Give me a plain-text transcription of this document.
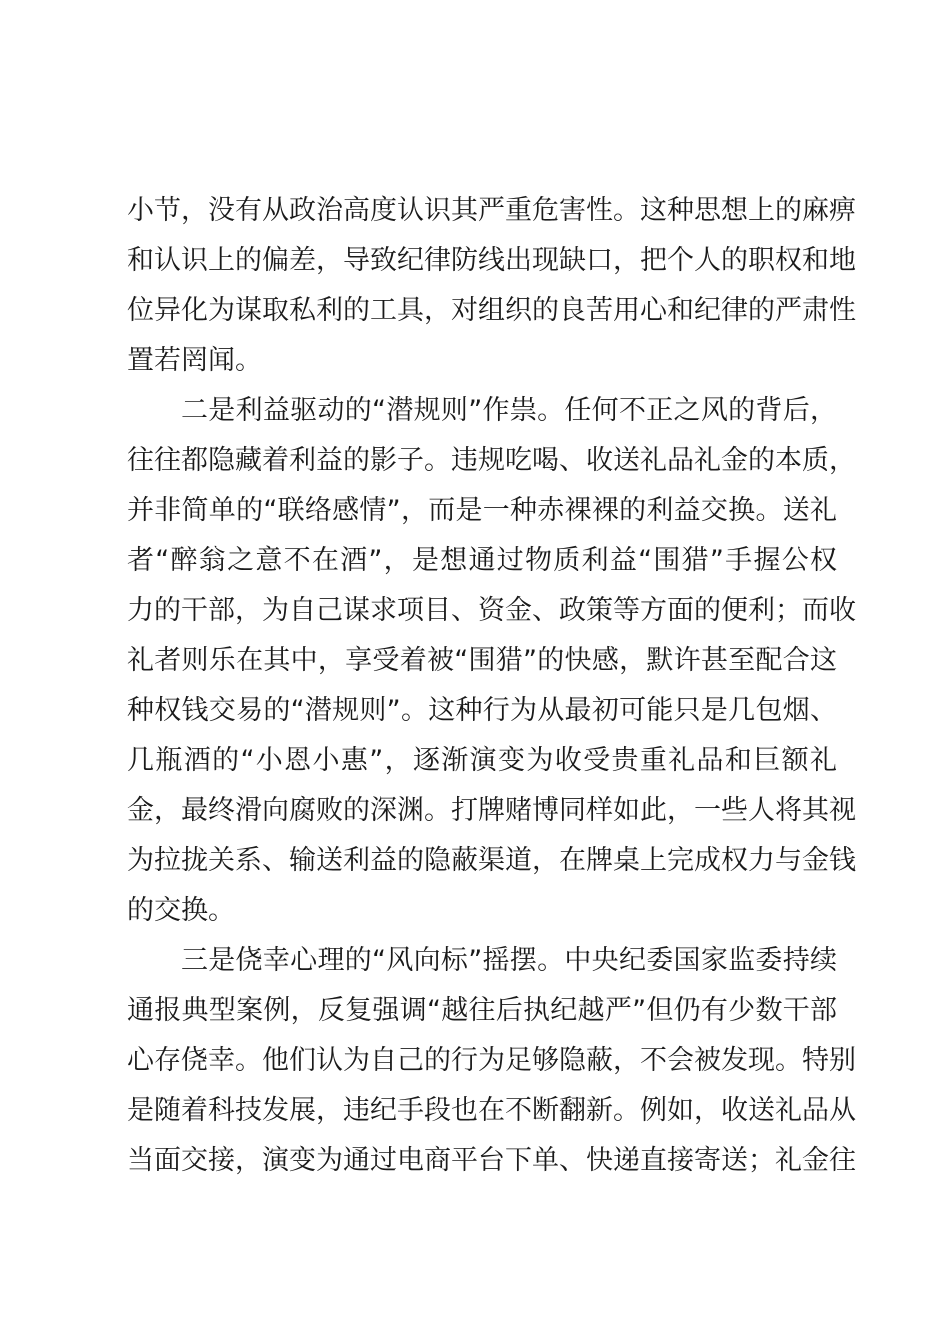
小节，没有从政治高度认识其严重危害性。这种思想上的麻痹
和认识上的偏差，导致纪律防线出现缺口，把个人的职权和地
位异化为谋取私利的工具，对组织的良苦用心和纪律的严肃性
置若罔闻。
二是利益驱动的“潜规则”作祟。任何不正之风的背后，
往往都隐藏着利益的影子。违规吃喝、收送礼品礼金的本质，
并非简单的“联络感情”，而是一种赤裸裸的利益交换。送礼
者“醉翁之意不在酒”，是想通过物质利益“围猎”手握公权
力的干部，为自己谋求项目、资金、政策等方面的便利；而收
礼者则乐在其中，享受着被“围猎”的快感，默许甚至配合这
种权钱交易的“潜规则”。这种行为从最初可能只是几包烟、
几瓶酒的“小恩小惠”，逐渐演变为收受贵重礼品和巨额礼
金，最终滑向腐败的深渊。打牌赌博同样如此，一些人将其视
为拉拢关系、输送利益的隐蔽渠道，在牌桌上完成权力与金钱
的交换。
三是侥幸心理的“风向标”摇摆。中央纪委国家监委持续
通报典型案例，反复强调“越往后执纪越严”但仍有少数干部
心存侥幸。他们认为自己的行为足够隐蔽，不会被发现。特别
是随着科技发展，违纪手段也在不断翻新。例如，收送礼品从
当面交接，演变为通过电商平台下单、快递直接寄送；礼金往
